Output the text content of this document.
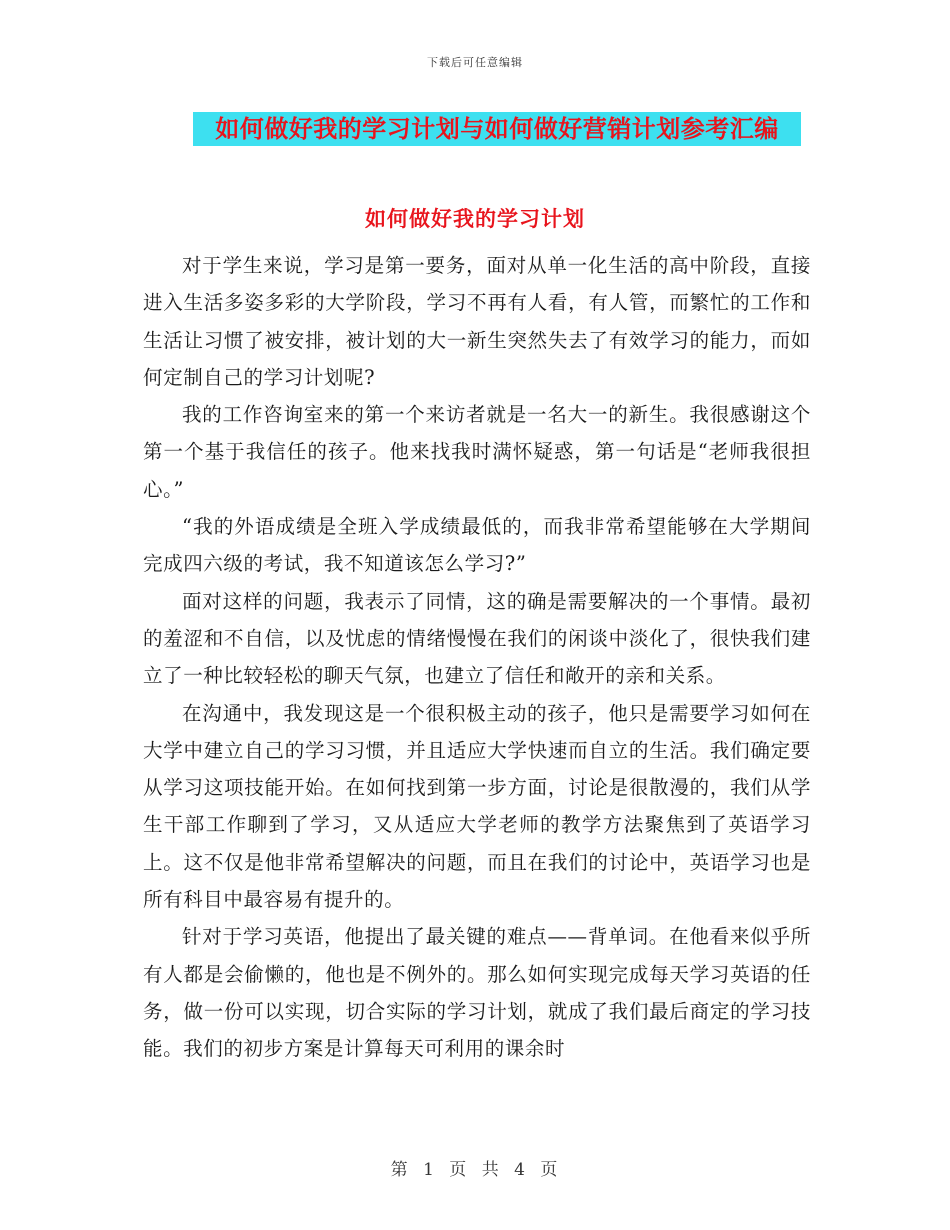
下载后可任意编辑
如何做好我的学习计划与如何做好营销计划参考汇编
如何做好我的学习计划

对于学生来说，学习是第一要务，面对从单一化生活的高中阶段，直接进入生活多姿多彩的大学阶段，学习不再有人看，有人管，而繁忙的工作和生活让习惯了被安排，被计划的大一新生突然失去了有效学习的能力，而如何定制自己的学习计划呢?

我的工作咨询室来的第一个来访者就是一名大一的新生。我很感谢这个第一个基于我信任的孩子。他来找我时满怀疑惑，第一句话是“老师我很担心。”

“我的外语成绩是全班入学成绩最低的，而我非常希望能够在大学期间完成四六级的考试，我不知道该怎么学习?”

面对这样的问题，我表示了同情，这的确是需要解决的一个事情。最初的羞涩和不自信，以及忧虑的情绪慢慢在我们的闲谈中淡化了，很快我们建立了一种比较轻松的聊天气氛，也建立了信任和敞开的亲和关系。

在沟通中，我发现这是一个很积极主动的孩子，他只是需要学习如何在大学中建立自己的学习习惯，并且适应大学快速而自立的生活。我们确定要从学习这项技能开始。在如何找到第一步方面，讨论是很散漫的，我们从学生干部工作聊到了学习，又从适应大学老师的教学方法聚焦到了英语学习上。这不仅是他非常希望解决的问题，而且在我们的讨论中，英语学习也是所有科目中最容易有提升的。

针对于学习英语，他提出了最关键的难点——背单词。在他看来似乎所有人都是会偷懒的，他也是不例外的。那么如何实现完成每天学习英语的任务，做一份可以实现，切合实际的学习计划，就成了我们最后商定的学习技能。我们的初步方案是计算每天可利用的课余时

第 1 页 共 4 页
